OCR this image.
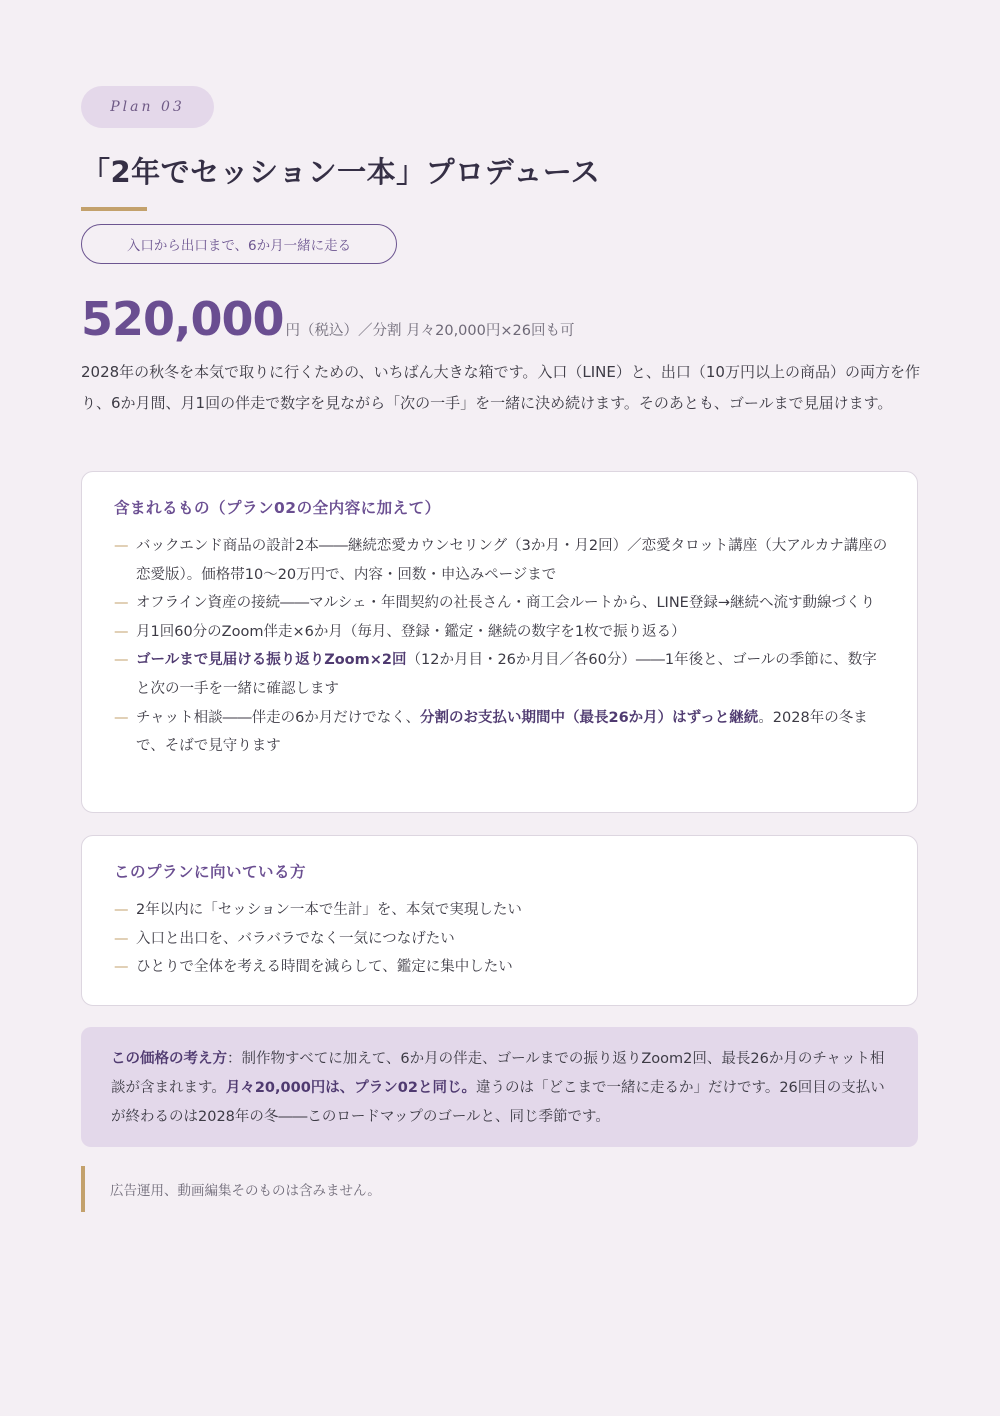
Plan 03
「2年でセッション一本」プロデュース
入口から出口まで、6か月一緒に走る
520,000 円（税込）／分割 月々20,000円×26回も可

2028年の秋冬を本気で取りに行くための、いちばん大きな箱です。入口（LINE）と、出口（10万円以上の商品）の両方を作り、6か月間、月1回の伴走で数字を見ながら「次の一手」を一緒に決め続けます。そのあとも、ゴールまで見届けます。

含まれるもの（プラン02の全内容に加えて）
— バックエンド商品の設計2本――継続恋愛カウンセリング（3か月・月2回）／恋愛タロット講座（大アルカナ講座の恋愛版）。価格帯10〜20万円で、内容・回数・申込みページまで
— オフライン資産の接続――マルシェ・年間契約の社長さん・商工会ルートから、LINE登録→継続へ流す動線づくり
— 月1回60分のZoom伴走×6か月（毎月、登録・鑑定・継続の数字を1枚で振り返る）
— ゴールまで見届ける振り返りZoom×2回（12か月目・26か月目／各60分）――1年後と、ゴールの季節に、数字と次の一手を一緒に確認します
— チャット相談――伴走の6か月だけでなく、分割のお支払い期間中（最長26か月）はずっと継続。2028年の冬まで、そばで見守ります
このプランに向いている方
— 2年以内に「セッション一本で生計」を、本気で実現したい
— 入口と出口を、バラバラでなく一気につなげたい
— ひとりで全体を考える時間を減らして、鑑定に集中したい

この価格の考え方：制作物すべてに加えて、6か月の伴走、ゴールまでの振り返りZoom2回、最長26か月のチャット相談が含まれます。月々20,000円は、プラン02と同じ。違うのは「どこまで一緒に走るか」だけです。26回目の支払いが終わるのは2028年の冬――このロードマップのゴールと、同じ季節です。

広告運用、動画編集そのものは含みません。
